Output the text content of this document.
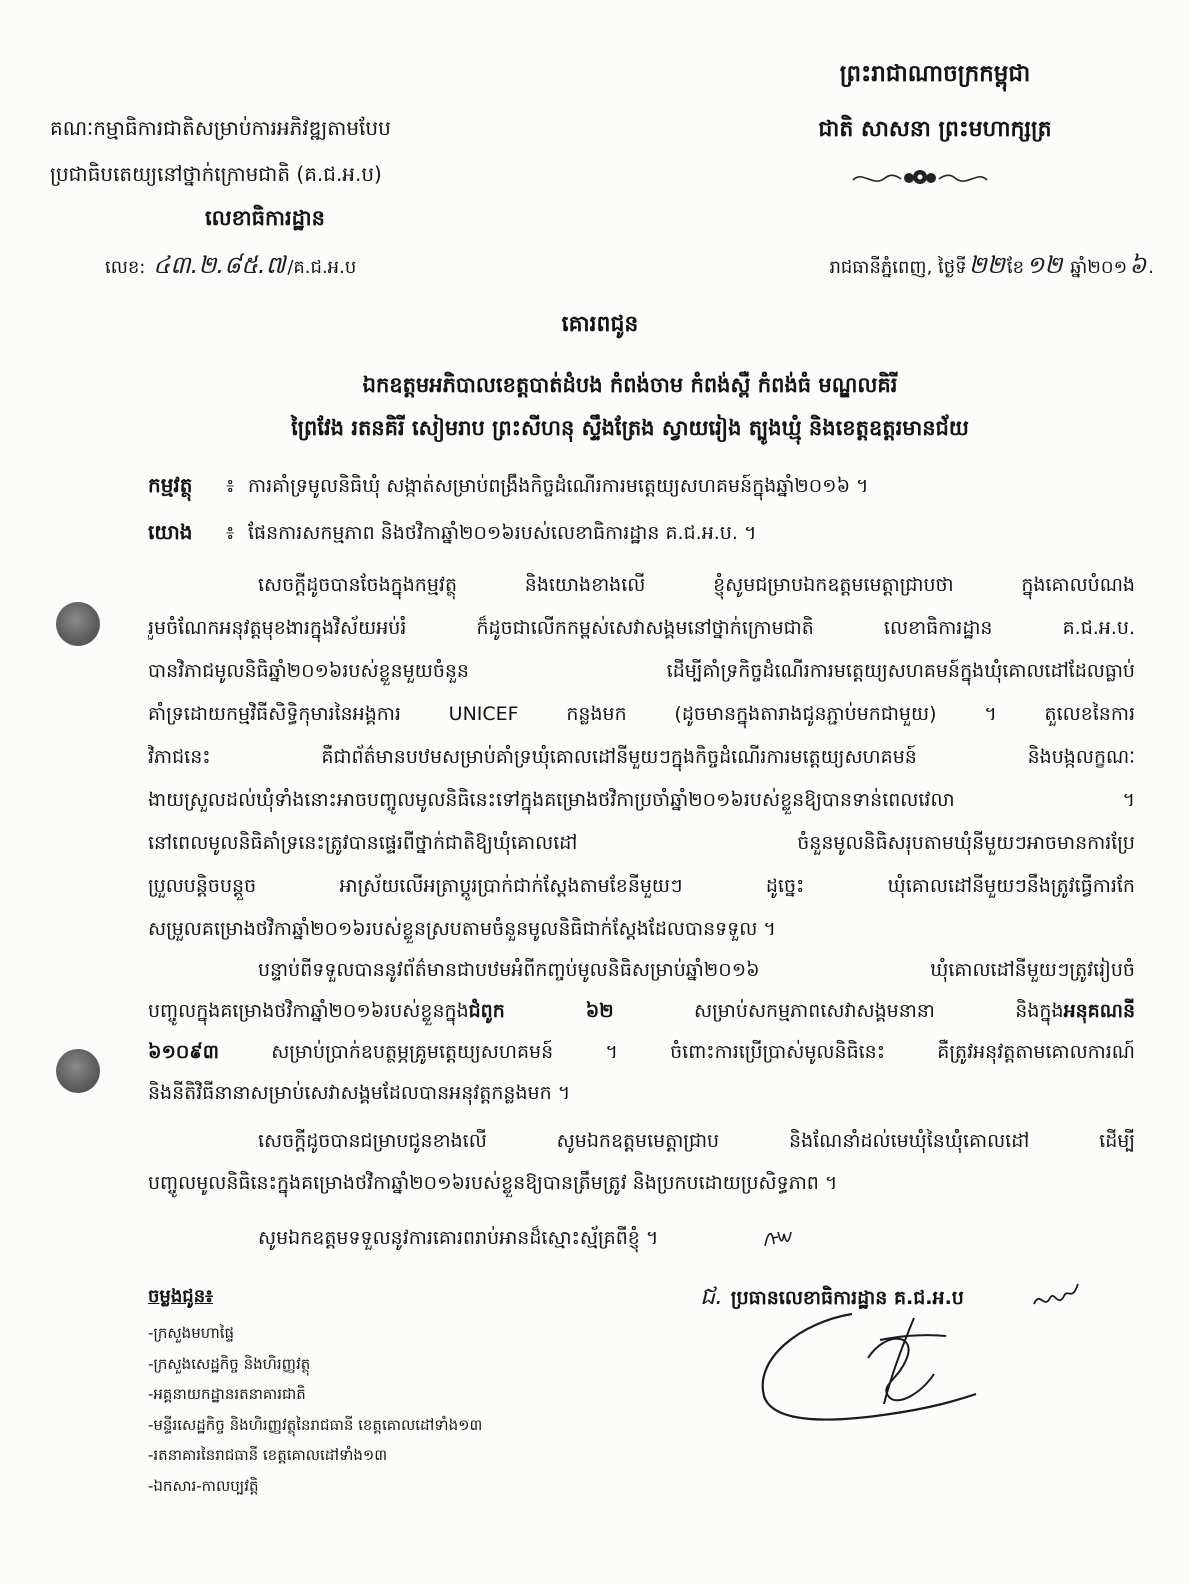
ព្រះរាជាណាចក្រកម្ពុជា
ជាតិ សាសនា ព្រះមហាក្សត្រ
គណៈកម្មាធិការជាតិសម្រាប់ការអភិវឌ្ឍតាមបែប
ប្រជាធិបតេយ្យនៅថ្នាក់ក្រោមជាតិ (គ.ជ.អ.ប)
លេខាធិការដ្ឋាន
លេខ: ៤៣.២.៨៥.៧ /គ.ជ.អ.ប	រាជធានីភ្នំពេញ, ថ្ងៃទី២២ ខែ១២ ឆ្នាំ២០១៦ .
គោរពជូន
ឯកឧត្តមអភិបាលខេត្តបាត់ដំបង កំពង់ចាម កំពង់ស្ពឺ កំពង់ធំ មណ្ឌលគិរី
ព្រៃវែង រតនគិរី សៀមរាប ព្រះសីហនុ ស្ទឹងត្រែង ស្វាយរៀង ត្បូងឃ្មុំ និងខេត្តឧត្តរមានជ័យ
កម្មវត្ថុ ៖ ការគាំទ្រមូលនិធិឃុំ សង្កាត់សម្រាប់ពង្រឹងកិច្ចដំណើរការមត្តេយ្យសហគមន៍ក្នុងឆ្នាំ២០១៦ ។
យោង ៖ ផែនការសកម្មភាព និងថវិកាឆ្នាំ២០១៦របស់លេខាធិការដ្ឋាន គ.ជ.អ.ប. ។
សេចក្តីដូចបានចែងក្នុងកម្មវត្ថុ និងយោងខាងលើ ខ្ញុំសូមជម្រាបឯកឧត្តមមេត្តាជ្រាបថា ក្នុងគោលបំណង
រួមចំណែកអនុវត្តមុខងារក្នុងវិស័យអប់រំ ក៏ដូចជាលើកកម្ពស់សេវាសង្គមនៅថ្នាក់ក្រោមជាតិ លេខាធិការដ្ឋាន គ.ជ.អ.ប.
បានវិភាជមូលនិធិឆ្នាំ២០១៦របស់ខ្លួនមួយចំនួន ដើម្បីគាំទ្រកិច្ចដំណើរការមត្តេយ្យសហគមន៍ក្នុងឃុំគោលដៅដែលធ្លាប់
គាំទ្រដោយកម្មវិធីសិទ្ធិកុមារនៃអង្គការ UNICEF កន្លងមក (ដូចមានក្នុងតារាងជូនភ្ជាប់មកជាមួយ) ។ តួលេខនៃការ
វិភាជនេះ គឺជាព័ត៌មានបឋមសម្រាប់គាំទ្រឃុំគោលដៅនីមួយៗក្នុងកិច្ចដំណើរការមត្តេយ្យសហគមន៍ និងបង្កលក្ខណៈ
ងាយស្រួលដល់ឃុំទាំងនោះអាចបញ្ចូលមូលនិធិនេះទៅក្នុងគម្រោងថវិកាប្រចាំឆ្នាំ២០១៦របស់ខ្លួនឱ្យបានទាន់ពេលវេលា ។
នៅពេលមូលនិធិគាំទ្រនេះត្រូវបានផ្ទេរពីថ្នាក់ជាតិឱ្យឃុំគោលដៅ ចំនួនមូលនិធិសរុបតាមឃុំនីមួយៗអាចមានការប្រែ
ប្រួលបន្តិចបន្តួច អាស្រ័យលើអត្រាប្តូរប្រាក់ជាក់ស្តែងតាមខែនីមួយៗ ដូច្នេះ ឃុំគោលដៅនីមួយៗនឹងត្រូវធ្វើការកែ
សម្រួលគម្រោងថវិកាឆ្នាំ២០១៦របស់ខ្លួនស្របតាមចំនួនមូលនិធិជាក់ស្តែងដែលបានទទួល ។
បន្ទាប់ពីទទួលបាននូវព័ត៌មានជាបឋមអំពីកញ្ចប់មូលនិធិសម្រាប់ឆ្នាំ២០១៦ ឃុំគោលដៅនីមួយៗត្រូវរៀបចំ
បញ្ចូលក្នុងគម្រោងថវិកាឆ្នាំ២០១៦របស់ខ្លួនក្នុងជំពូក ៦២ សម្រាប់សកម្មភាពសេវាសង្គមនានា និងក្នុងអនុគណនី
៦១០៩៣ សម្រាប់ប្រាក់ឧបត្ថម្ភគ្រូមត្តេយ្យសហគមន៍ ។ ចំពោះការប្រើប្រាស់មូលនិធិនេះ គឺត្រូវអនុវត្តតាមគោលការណ៍
និងនីតិវិធីនានាសម្រាប់សេវាសង្គមដែលបានអនុវត្តកន្លងមក ។
សេចក្តីដូចបានជម្រាបជូនខាងលើ សូមឯកឧត្តមមេត្តាជ្រាប និងណែនាំដល់មេឃុំនៃឃុំគោលដៅ ដើម្បី
បញ្ចូលមូលនិធិនេះក្នុងគម្រោងថវិកាឆ្នាំ២០១៦របស់ខ្លួនឱ្យបានត្រឹមត្រូវ និងប្រកបដោយប្រសិទ្ធភាព ។
សូមឯកឧត្តមទទួលនូវការគោរពរាប់អានដ៏ស្មោះស្ម័គ្រពីខ្ញុំ ។
ជ. ប្រធានលេខាធិការដ្ឋាន គ.ជ.អ.ប
ចម្លងជូន៖
-ក្រសួងមហាផ្ទៃ
-ក្រសួងសេដ្ឋកិច្ច និងហិរញ្ញវត្ថុ
-អគ្គនាយកដ្ឋានរតនាគារជាតិ
-មន្ទីរសេដ្ឋកិច្ច និងហិរញ្ញវត្ថុនៃរាជធានី ខេត្តគោលដៅទាំង១៣
-រតនាគារនៃរាជធានី ខេត្តគោលដៅទាំង១៣
-ឯកសារ-កាលប្បវត្តិ
